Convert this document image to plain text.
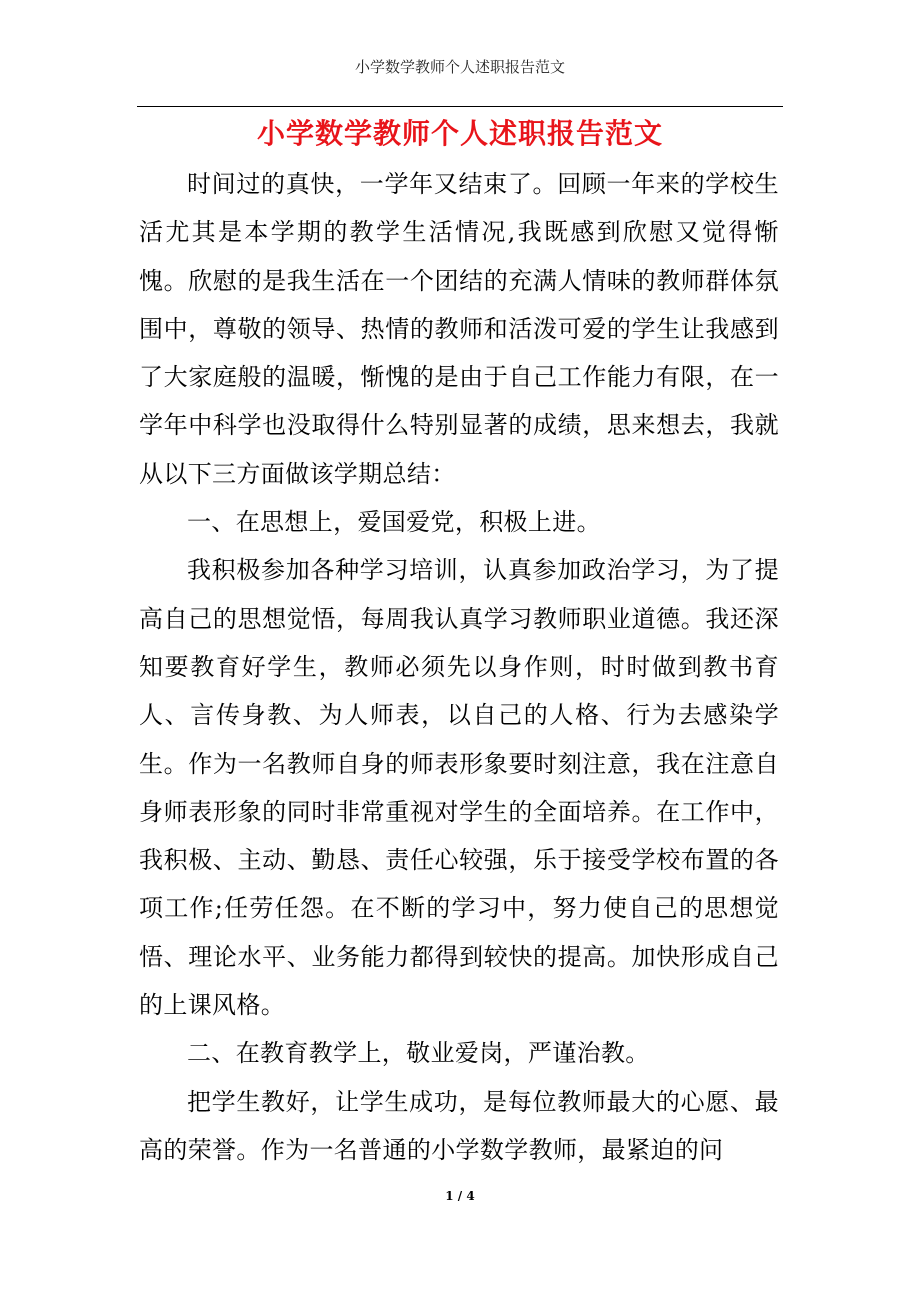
小学数学教师个人述职报告范文
小学数学教师个人述职报告范文

时间过的真快，一学年又结束了。回顾一年来的学校生活尤其是本学期的教学生活情况,我既感到欣慰又觉得惭愧。欣慰的是我生活在一个团结的充满人情味的教师群体氛围中，尊敬的领导、热情的教师和活泼可爱的学生让我感到了大家庭般的温暖，惭愧的是由于自己工作能力有限，在一学年中科学也没取得什么特别显著的成绩，思来想去，我就从以下三方面做该学期总结：

一、在思想上，爱国爱党，积极上进。

我积极参加各种学习培训，认真参加政治学习，为了提高自己的思想觉悟，每周我认真学习教师职业道德。我还深知要教育好学生，教师必须先以身作则，时时做到教书育人、言传身教、为人师表，以自己的人格、行为去感染学生。作为一名教师自身的师表形象要时刻注意，我在注意自身师表形象的同时非常重视对学生的全面培养。在工作中，我积极、主动、勤恳、责任心较强，乐于接受学校布置的各项工作;任劳任怨。在不断的学习中，努力使自己的思想觉悟、理论水平、业务能力都得到较快的提高。加快形成自己的上课风格。

二、在教育教学上，敬业爱岗，严谨治教。

把学生教好，让学生成功，是每位教师最大的心愿、最高的荣誉。作为一名普通的小学数学教师，最紧迫的问

1 / 4
